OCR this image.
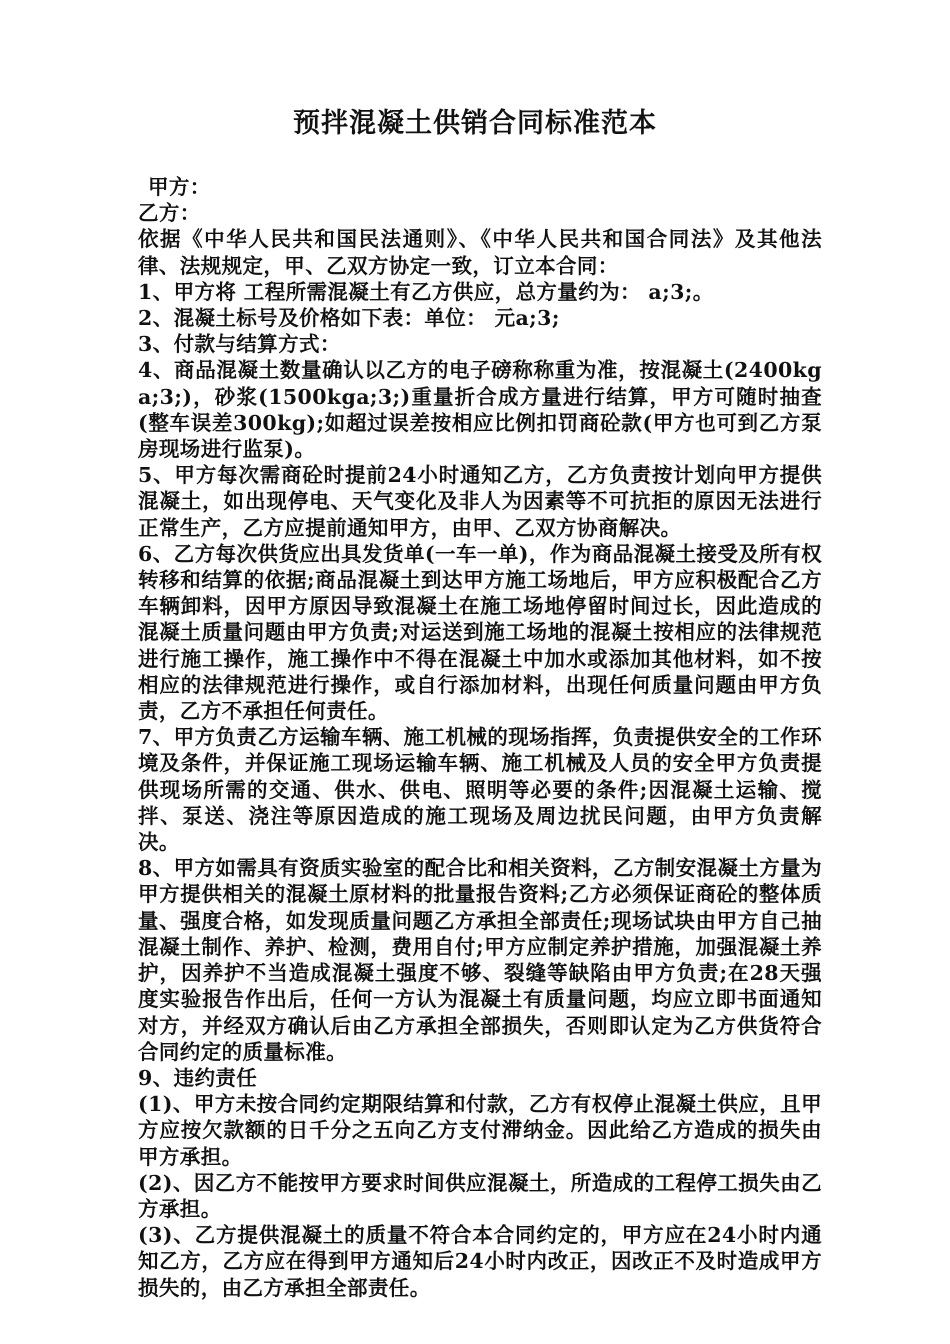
预拌混凝土供销合同标准范本

甲方：

乙方：

依据《中华人民共和国民法通则》、《中华人民共和国合同法》及其他法律、法规规定，甲、乙双方协定一致，订立本合同：

1、甲方将 工程所需混凝土有乙方供应，总方量约为： a;3;。

2、混凝土标号及价格如下表：单位： 元a;3;

3、付款与结算方式：

4、商品混凝土数量确认以乙方的电子磅称称重为准，按混凝土(2400kga;3;)，砂浆(1500kga;3;)重量折合成方量进行结算，甲方可随时抽查(整车误差300kg);如超过误差按相应比例扣罚商砼款(甲方也可到乙方泵房现场进行监泵)。

5、甲方每次需商砼时提前24小时通知乙方，乙方负责按计划向甲方提供混凝土，如出现停电、天气变化及非人为因素等不可抗拒的原因无法进行正常生产，乙方应提前通知甲方，由甲、乙双方协商解决。

6、乙方每次供货应出具发货单(一车一单)，作为商品混凝土接受及所有权转移和结算的依据;商品混凝土到达甲方施工场地后，甲方应积极配合乙方车辆卸料，因甲方原因导致混凝土在施工场地停留时间过长，因此造成的混凝土质量问题由甲方负责;对运送到施工场地的混凝土按相应的法律规范进行施工操作，施工操作中不得在混凝土中加水或添加其他材料，如不按相应的法律规范进行操作，或自行添加材料，出现任何质量问题由甲方负责，乙方不承担任何责任。

7、甲方负责乙方运输车辆、施工机械的现场指挥，负责提供安全的工作环境及条件，并保证施工现场运输车辆、施工机械及人员的安全甲方负责提供现场所需的交通、供水、供电、照明等必要的条件;因混凝土运输、搅拌、泵送、浇注等原因造成的施工现场及周边扰民问题，由甲方负责解决。

8、甲方如需具有资质实验室的配合比和相关资料，乙方制安混凝土方量为甲方提供相关的混凝土原材料的批量报告资料;乙方必须保证商砼的整体质量、强度合格，如发现质量问题乙方承担全部责任;现场试块由甲方自己抽混凝土制作、养护、检测，费用自付;甲方应制定养护措施，加强混凝土养护，因养护不当造成混凝土强度不够、裂缝等缺陷由甲方负责;在28天强度实验报告作出后，任何一方认为混凝土有质量问题，均应立即书面通知对方，并经双方确认后由乙方承担全部损失，否则即认定为乙方供货符合合同约定的质量标准。

9、违约责任

(1)、甲方未按合同约定期限结算和付款，乙方有权停止混凝土供应，且甲方应按欠款额的日千分之五向乙方支付滞纳金。因此给乙方造成的损失由甲方承担。

(2)、因乙方不能按甲方要求时间供应混凝土，所造成的工程停工损失由乙方承担。

(3)、乙方提供混凝土的质量不符合本合同约定的，甲方应在24小时内通知乙方，乙方应在得到甲方通知后24小时内改正，因改正不及时造成甲方损失的，由乙方承担全部责任。
